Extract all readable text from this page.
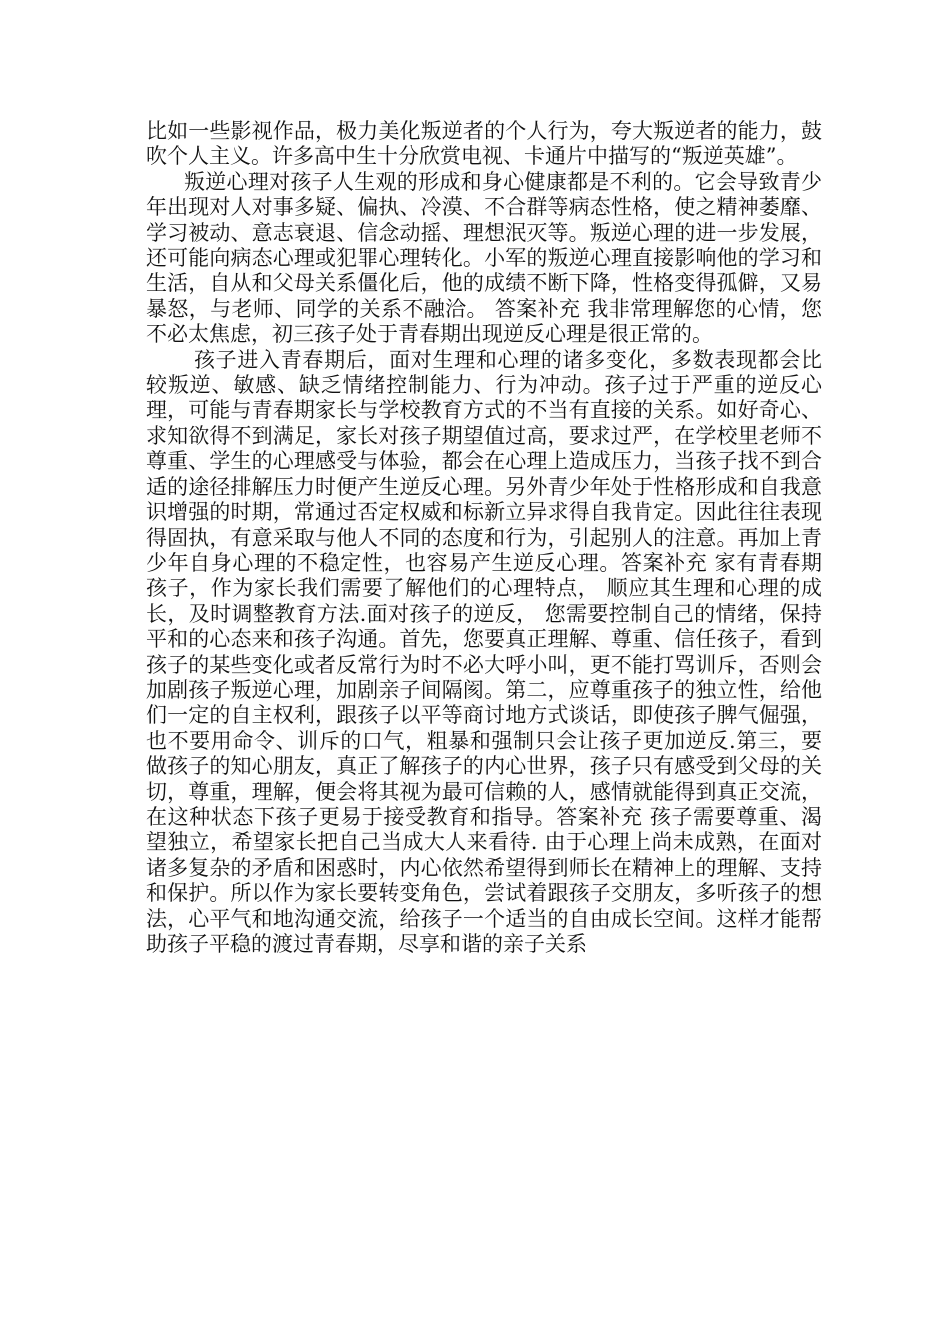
比如一些影视作品，极力美化叛逆者的个人行为，夸大叛逆者的能力，鼓吹个人主义。许多高中生十分欣赏电视、卡通片中描写的“叛逆英雄”。

叛逆心理对孩子人生观的形成和身心健康都是不利的。它会导致青少年出现对人对事多疑、偏执、冷漠、不合群等病态性格，使之精神萎靡、学习被动、意志衰退、信念动摇、理想泯灭等。叛逆心理的进一步发展，还可能向病态心理或犯罪心理转化。小军的叛逆心理直接影响他的学习和生活，自从和父母关系僵化后，他的成绩不断下降，性格变得孤僻，又易暴怒，与老师、同学的关系不融洽。 答案补充 我非常理解您的心情，您不必太焦虑，初三孩子处于青春期出现逆反心理是很正常的。

孩子进入青春期后，面对生理和心理的诸多变化，多数表现都会比较叛逆、敏感、缺乏情绪控制能力、行为冲动。孩子过于严重的逆反心理，可能与青春期家长与学校教育方式的不当有直接的关系。如好奇心、求知欲得不到满足，家长对孩子期望值过高，要求过严，在学校里老师不尊重、学生的心理感受与体验，都会在心理上造成压力，当孩子找不到合适的途径排解压力时便产生逆反心理。另外青少年处于性格形成和自我意识增强的时期，常通过否定权威和标新立异求得自我肯定。因此往往表现得固执，有意采取与他人不同的态度和行为，引起别人的注意。再加上青少年自身心理的不稳定性，也容易产生逆反心理。答案补充 家有青春期孩子，作为家长我们需要了解他们的心理特点， 顺应其生理和心理的成长，及时调整教育方法.面对孩子的逆反， 您需要控制自己的情绪，保持平和的心态来和孩子沟通。首先，您要真正理解、尊重、信任孩子，看到孩子的某些变化或者反常行为时不必大呼小叫，更不能打骂训斥，否则会加剧孩子叛逆心理，加剧亲子间隔阂。第二，应尊重孩子的独立性，给他们一定的自主权利，跟孩子以平等商讨地方式谈话，即使孩子脾气倔强，也不要用命令、训斥的口气，粗暴和强制只会让孩子更加逆反.第三，要做孩子的知心朋友，真正了解孩子的内心世界，孩子只有感受到父母的关切，尊重，理解，便会将其视为最可信赖的人，感情就能得到真正交流，在这种状态下孩子更易于接受教育和指导。答案补充 孩子需要尊重、渴望独立，希望家长把自己当成大人来看待. 由于心理上尚未成熟，在面对诸多复杂的矛盾和困惑时，内心依然希望得到师长在精神上的理解、支持和保护。所以作为家长要转变角色，尝试着跟孩子交朋友，多听孩子的想法，心平气和地沟通交流，给孩子一个适当的自由成长空间。这样才能帮助孩子平稳的渡过青春期，尽享和谐的亲子关系
